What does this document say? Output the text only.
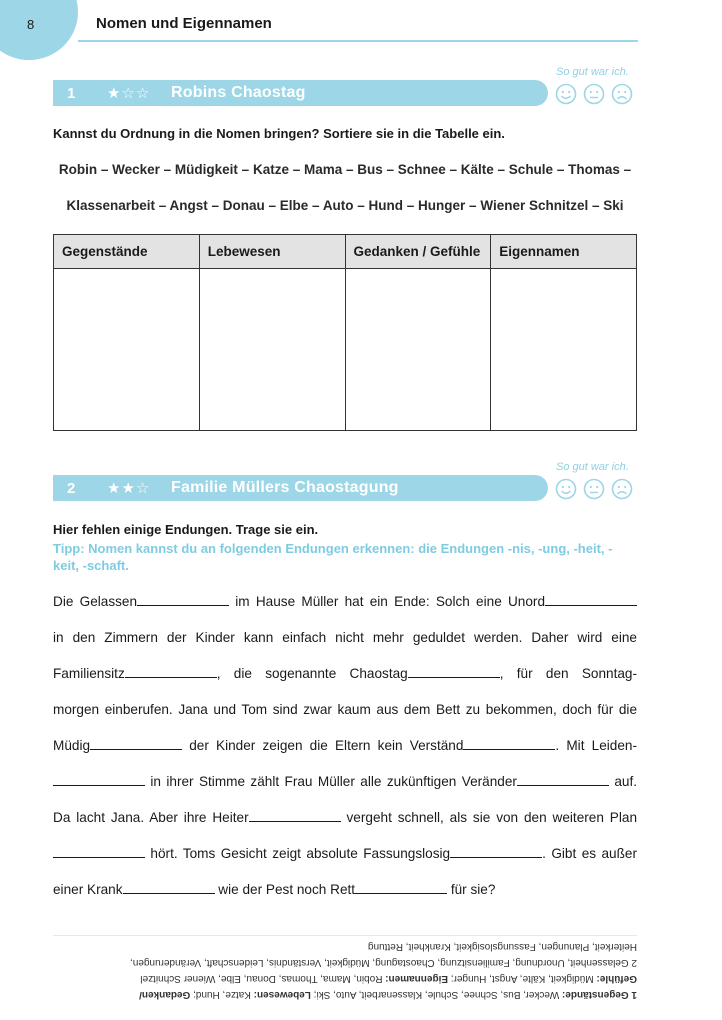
8	Nomen und Eigennamen
So gut war ich.
1	★☆☆	Robins Chaostag
Kannst du Ordnung in die Nomen bringen? Sortiere sie in die Tabelle ein.
Robin – Wecker – Müdigkeit – Katze – Mama – Bus – Schnee – Kälte – Schule – Thomas –
Klassenarbeit – Angst – Donau – Elbe – Auto – Hund – Hunger – Wiener Schnitzel – Ski
Gegenstände	Lebewesen	Gedanken / Gefühle	Eigennamen

So gut war ich.
2	★★☆	Familie Müllers Chaostagung
Hier fehlen einige Endungen. Trage sie ein.
Tipp: Nomen kannst du an folgenden Endungen erkennen: die Endungen -nis, -ung, -heit, -keit, -schaft.
Die Gelassen	im Hause Müller hat ein Ende: Solch eine Unord
in den Zimmern der Kinder kann einfach nicht mehr geduldet werden. Daher wird eine
Familiensitz	, die sogenannte Chaostag	, für den Sonntag-
morgen einberufen. Jana und Tom sind zwar kaum aus dem Bett zu bekommen, doch für die
Müdig	der Kinder zeigen die Eltern kein Verständ	. Mit Leiden-
in ihrer Stimme zählt Frau Müller alle zukünftigen Veränder	auf.
Da lacht Jana. Aber ihre Heiter	vergeht schnell, als sie von den weiteren Plan
hört. Toms Gesicht zeigt absolute Fassungslosig	. Gibt es außer
einer Krank	wie der Pest noch Rett	für sie?

1 Gegenstände: Wecker, Bus, Schnee, Schule, Klassenarbeit, Auto, Ski; Lebewesen: Katze, Hund; Gedanken/

Gefühle: Müdigkeit, Kälte, Angst, Hunger; Eigennamen: Robin, Mama, Thomas, Donau, Elbe, Wiener Schnitzel

2 Gelassenheit, Unordnung, Familiensitzung, Chaostagung, Müdigkeit, Verständnis, Leidenschaft, Veränderungen,

Heiterkeit, Planungen, Fassungslosigkeit, Krankheit, Rettung
